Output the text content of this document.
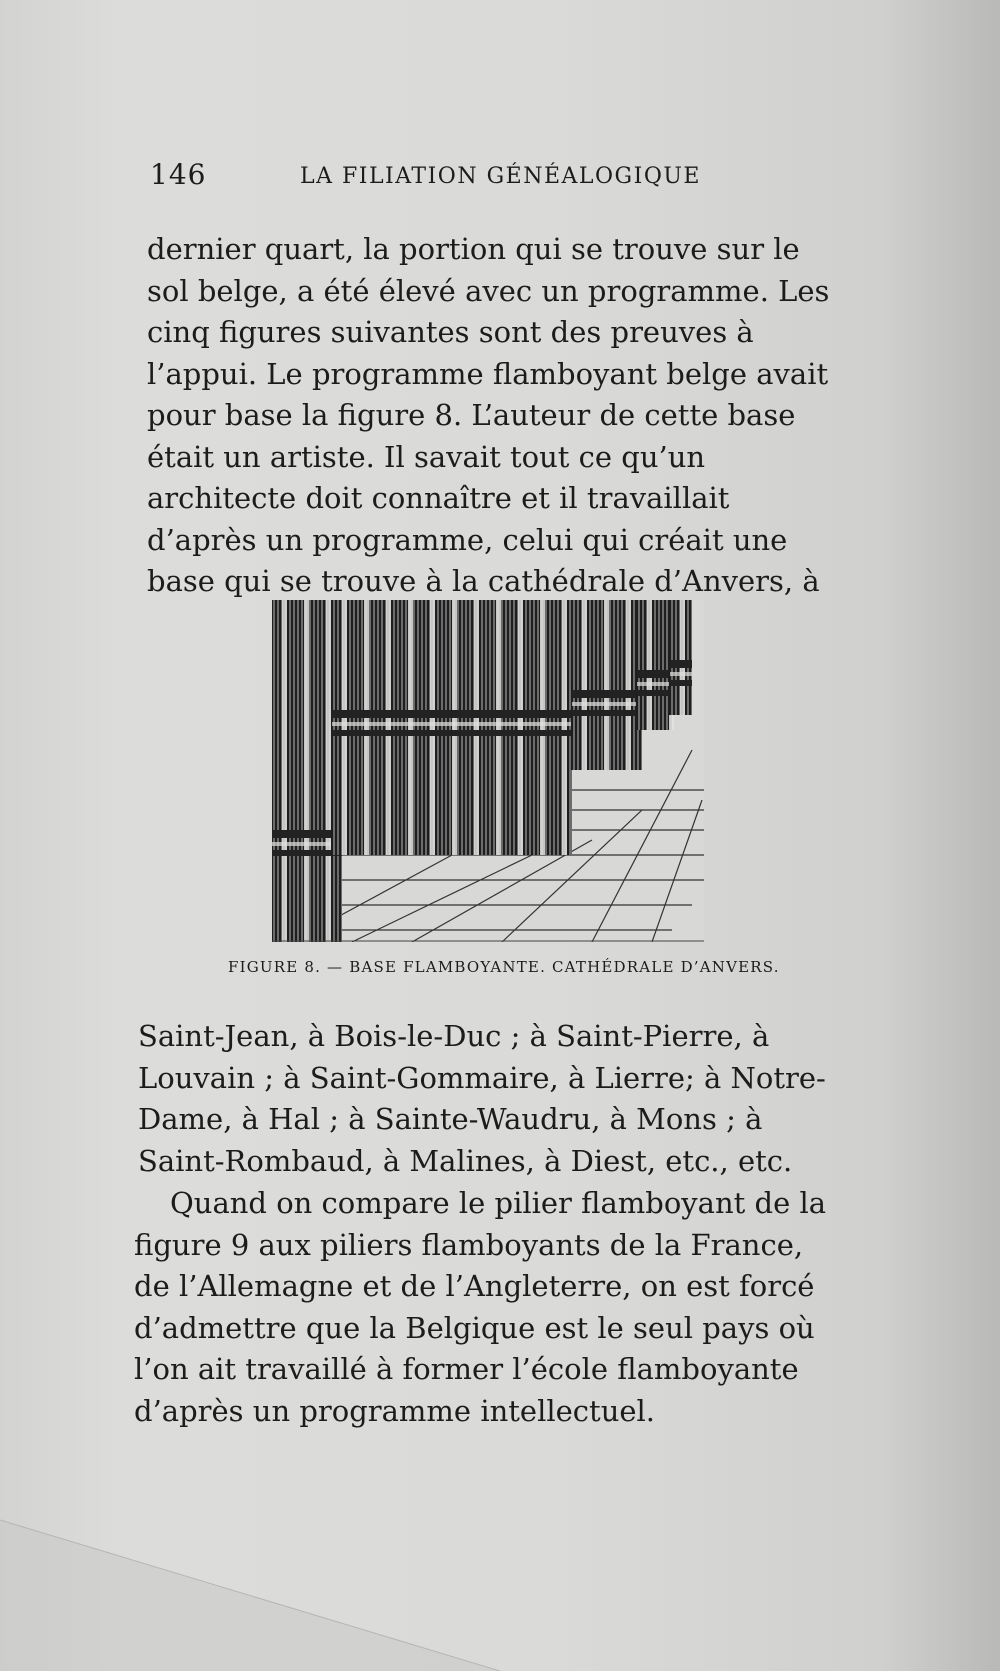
146	LA FILIATION GÉNÉALOGIQUE

dernier quart, la portion qui se trouve sur le sol belge, a été élevé avec un programme. Les cinq figures suivantes sont des preuves à l’appui. Le programme flamboyant belge avait pour base la figure 8. L’auteur de cette base était un artiste. Il savait tout ce qu’un architecte doit connaître et il travaillait d’après un programme, celui qui créait une base qui se trouve à la cathédrale d’Anvers, à

FIGURE 8. — BASE FLAMBOYANTE. CATHÉDRALE D’ANVERS.

Saint-Jean, à Bois-le-Duc ; à Saint-Pierre, à Louvain ; à Saint-Gommaire, à Lierre; à Notre-Dame, à Hal ; à Sainte-Waudru, à Mons ; à Saint-Rombaud, à Malines, à Diest, etc., etc.

Quand on compare le pilier flamboyant de la figure 9 aux piliers flamboyants de la France, de l’Allemagne et de l’Angleterre, on est forcé d’admettre que la Belgique est le seul pays où l’on ait travaillé à former l’école flamboyante d’après un programme intellectuel.
